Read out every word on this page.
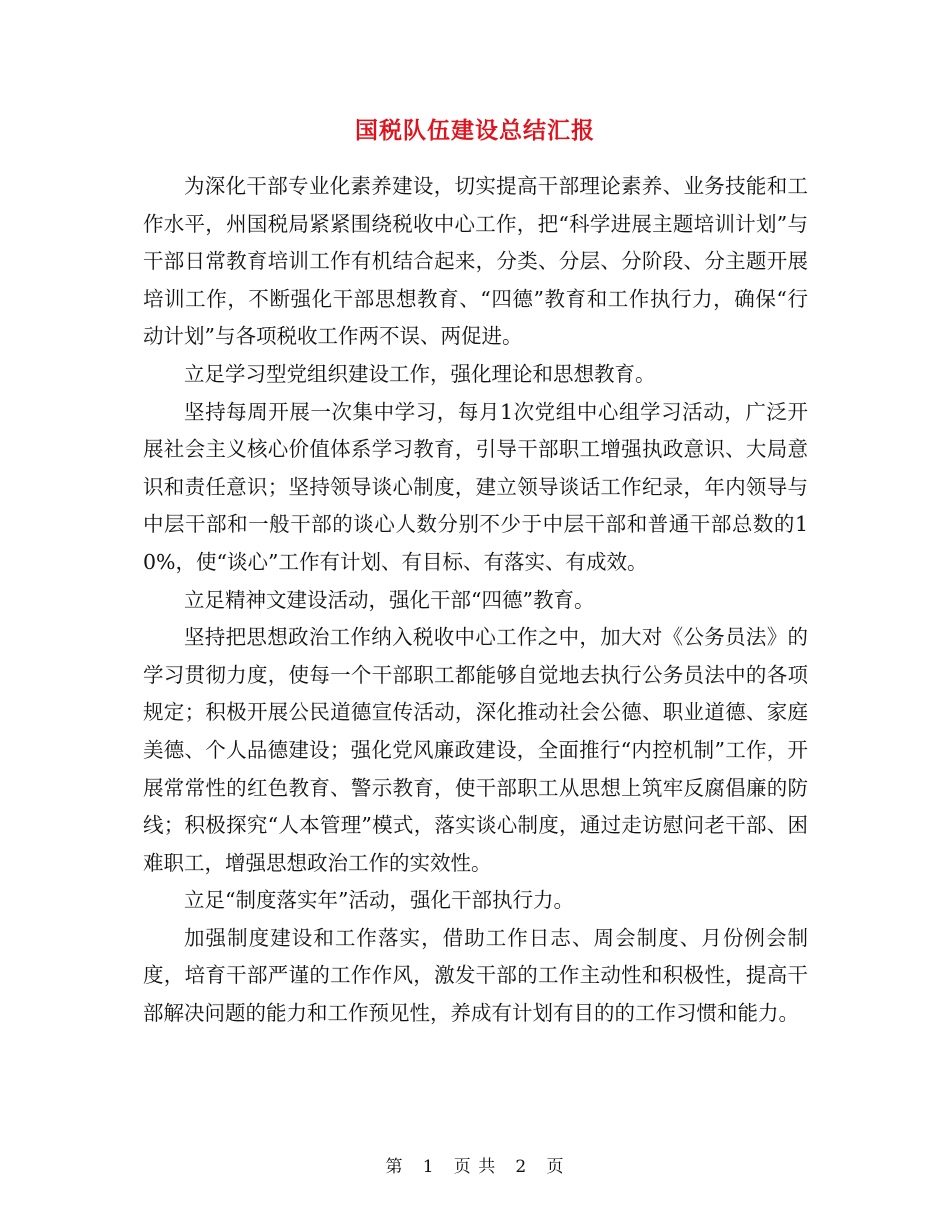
国税队伍建设总结汇报

为深化干部专业化素养建设，切实提高干部理论素养、业务技能和工作水平，州国税局紧紧围绕税收中心工作，把“科学进展主题培训计划”与干部日常教育培训工作有机结合起来，分类、分层、分阶段、分主题开展培训工作，不断强化干部思想教育、“四德”教育和工作执行力，确保“行动计划”与各项税收工作两不误、两促进。

立足学习型党组织建设工作，强化理论和思想教育。

坚持每周开展一次集中学习，每月1次党组中心组学习活动，广泛开展社会主义核心价值体系学习教育，引导干部职工增强执政意识、大局意识和责任意识；坚持领导谈心制度，建立领导谈话工作纪录，年内领导与中层干部和一般干部的谈心人数分别不少于中层干部和普通干部总数的10%，使“谈心”工作有计划、有目标、有落实、有成效。

立足精神文建设活动，强化干部“四德”教育。

坚持把思想政治工作纳入税收中心工作之中，加大对《公务员法》的学习贯彻力度，使每一个干部职工都能够自觉地去执行公务员法中的各项规定；积极开展公民道德宣传活动，深化推动社会公德、职业道德、家庭美德、个人品德建设；强化党风廉政建设，全面推行“内控机制”工作，开展常常性的红色教育、警示教育，使干部职工从思想上筑牢反腐倡廉的防线；积极探究“人本管理”模式，落实谈心制度，通过走访慰问老干部、困难职工，增强思想政治工作的实效性。

立足“制度落实年”活动，强化干部执行力。

加强制度建设和工作落实，借助工作日志、周会制度、月份例会制度，培育干部严谨的工作作风，激发干部的工作主动性和积极性，提高干部解决问题的能力和工作预见性，养成有计划有目的的工作习惯和能力。

第 1 页 共 2 页
